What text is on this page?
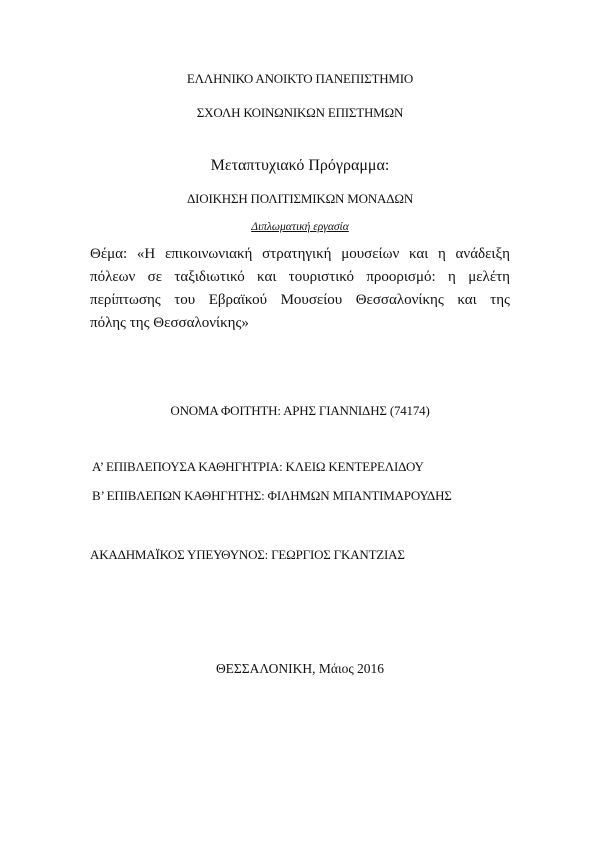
ΕΛΛΗΝΙΚΟ ΑΝΟΙΚΤΟ ΠΑΝΕΠΙΣΤΗΜΙΟ
ΣΧΟΛΗ ΚΟΙΝΩΝΙΚΩΝ ΕΠΙΣΤΗΜΩΝ
Μεταπτυχιακό Πρόγραμμα:
ΔΙΟΙΚΗΣΗ ΠΟΛΙΤΙΣΜΙΚΩΝ ΜΟΝΑΔΩΝ
Διπλωματική εργασία
Θέμα: «Η επικοινωνιακή στρατηγική μουσείων και η ανάδειξη
πόλεων σε ταξιδιωτικό και τουριστικό προορισμό: η μελέτη
περίπτωσης του Εβραϊκού Μουσείου Θεσσαλονίκης και της
πόλης της Θεσσαλονίκης»
ΟΝΟΜΑ ΦΟΙΤΗΤΗ: ΑΡΗΣ ΓΙΑΝΝΙΔΗΣ (74174)
Α’ ΕΠΙΒΛΕΠΟΥΣΑ ΚΑΘΗΓΗΤΡΙΑ: ΚΛΕΙΩ ΚΕΝΤΕΡΕΛΙΔΟΥ
Β’ ΕΠΙΒΛΕΠΩΝ ΚΑΘΗΓΗΤΗΣ: ΦΙΛΗΜΩΝ ΜΠΑΝΤΙΜΑΡΟΥΔΗΣ
ΑΚΑΔΗΜΑΪΚΟΣ ΥΠΕΥΘΥΝΟΣ: ΓΕΩΡΓΙΟΣ ΓΚΑΝΤΖΙΑΣ
ΘΕΣΣΑΛΟΝΙΚΗ, Μάιος 2016
